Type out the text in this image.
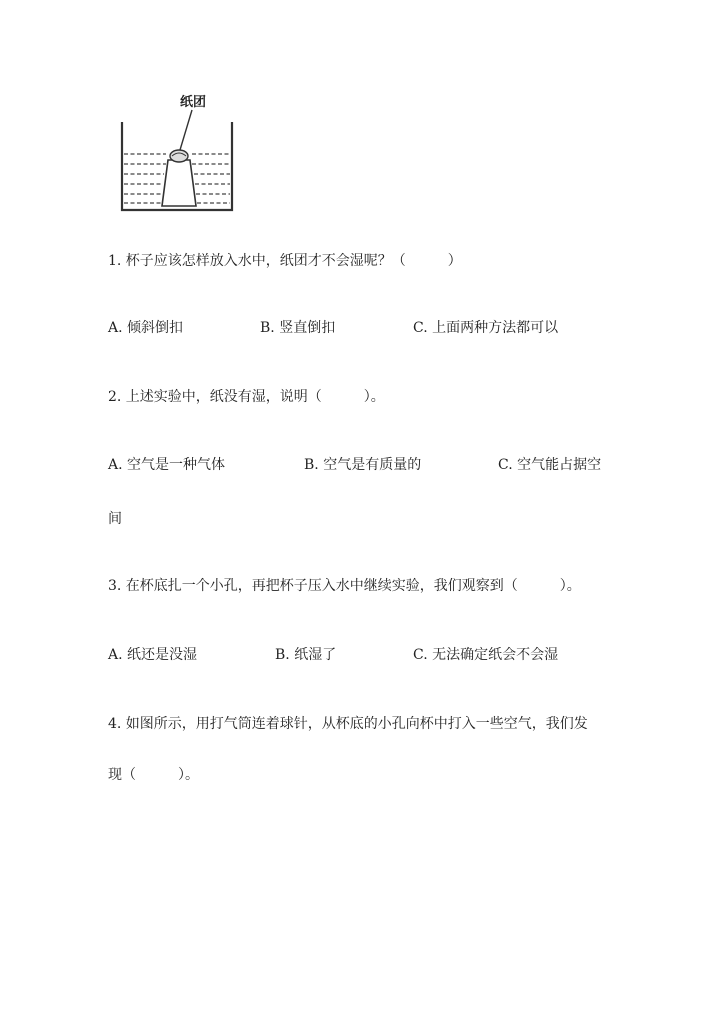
纸团
1. 杯子应该怎样放入水中，纸团才不会湿呢？（　　　）
A. 倾斜倒扣	B. 竖直倒扣	C. 上面两种方法都可以
2. 上述实验中，纸没有湿，说明（　　　）。
A. 空气是一种气体	B. 空气是有质量的	C. 空气能占据空
间
3. 在杯底扎一个小孔，再把杯子压入水中继续实验，我们观察到（　　　）。
A. 纸还是没湿	B. 纸湿了	C. 无法确定纸会不会湿
4. 如图所示，用打气筒连着球针，从杯底的小孔向杯中打入一些空气，我们发
现（　　　）。
